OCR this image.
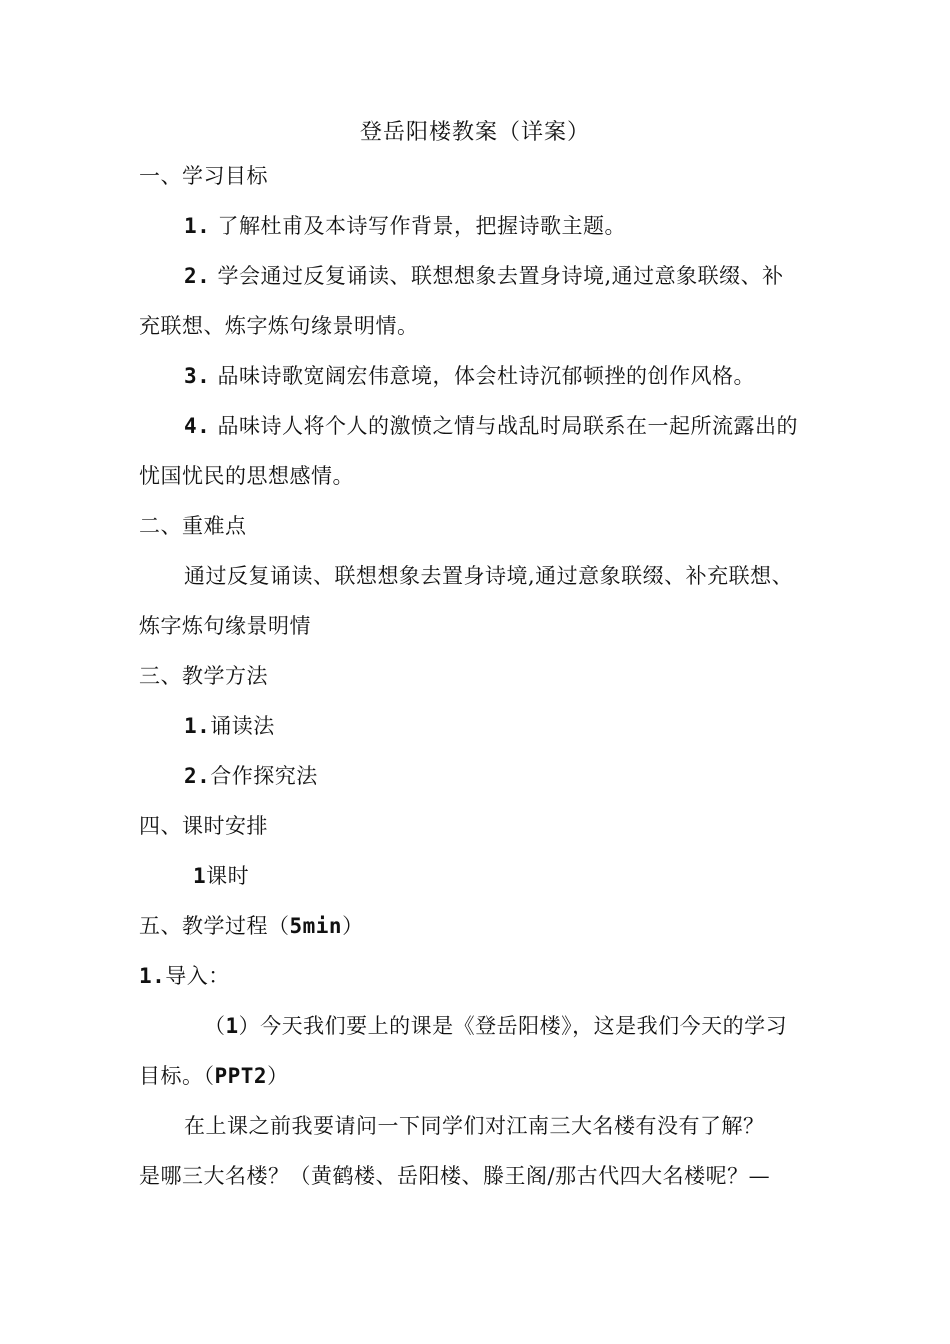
登岳阳楼教案（详案）
一、学习目标
1. 了解杜甫及本诗写作背景，把握诗歌主题。
2. 学会通过反复诵读、联想想象去置身诗境,通过意象联缀、补
充联想、炼字炼句缘景明情。
3. 品味诗歌宽阔宏伟意境，体会杜诗沉郁顿挫的创作风格。
4. 品味诗人将个人的激愤之情与战乱时局联系在一起所流露出的
忧国忧民的思想感情。
二、重难点
通过反复诵读、联想想象去置身诗境,通过意象联缀、补充联想、
炼字炼句缘景明情
三、教学方法
1.诵读法
2.合作探究法
四、课时安排
1课时
五、教学过程（5min）
1.导入：
（1）今天我们要上的课是《登岳阳楼》，这是我们今天的学习
目标。（PPT2）
在上课之前我要请问一下同学们对江南三大名楼有没有了解？
是哪三大名楼？（黄鹤楼、岳阳楼、滕王阁/那古代四大名楼呢？—
